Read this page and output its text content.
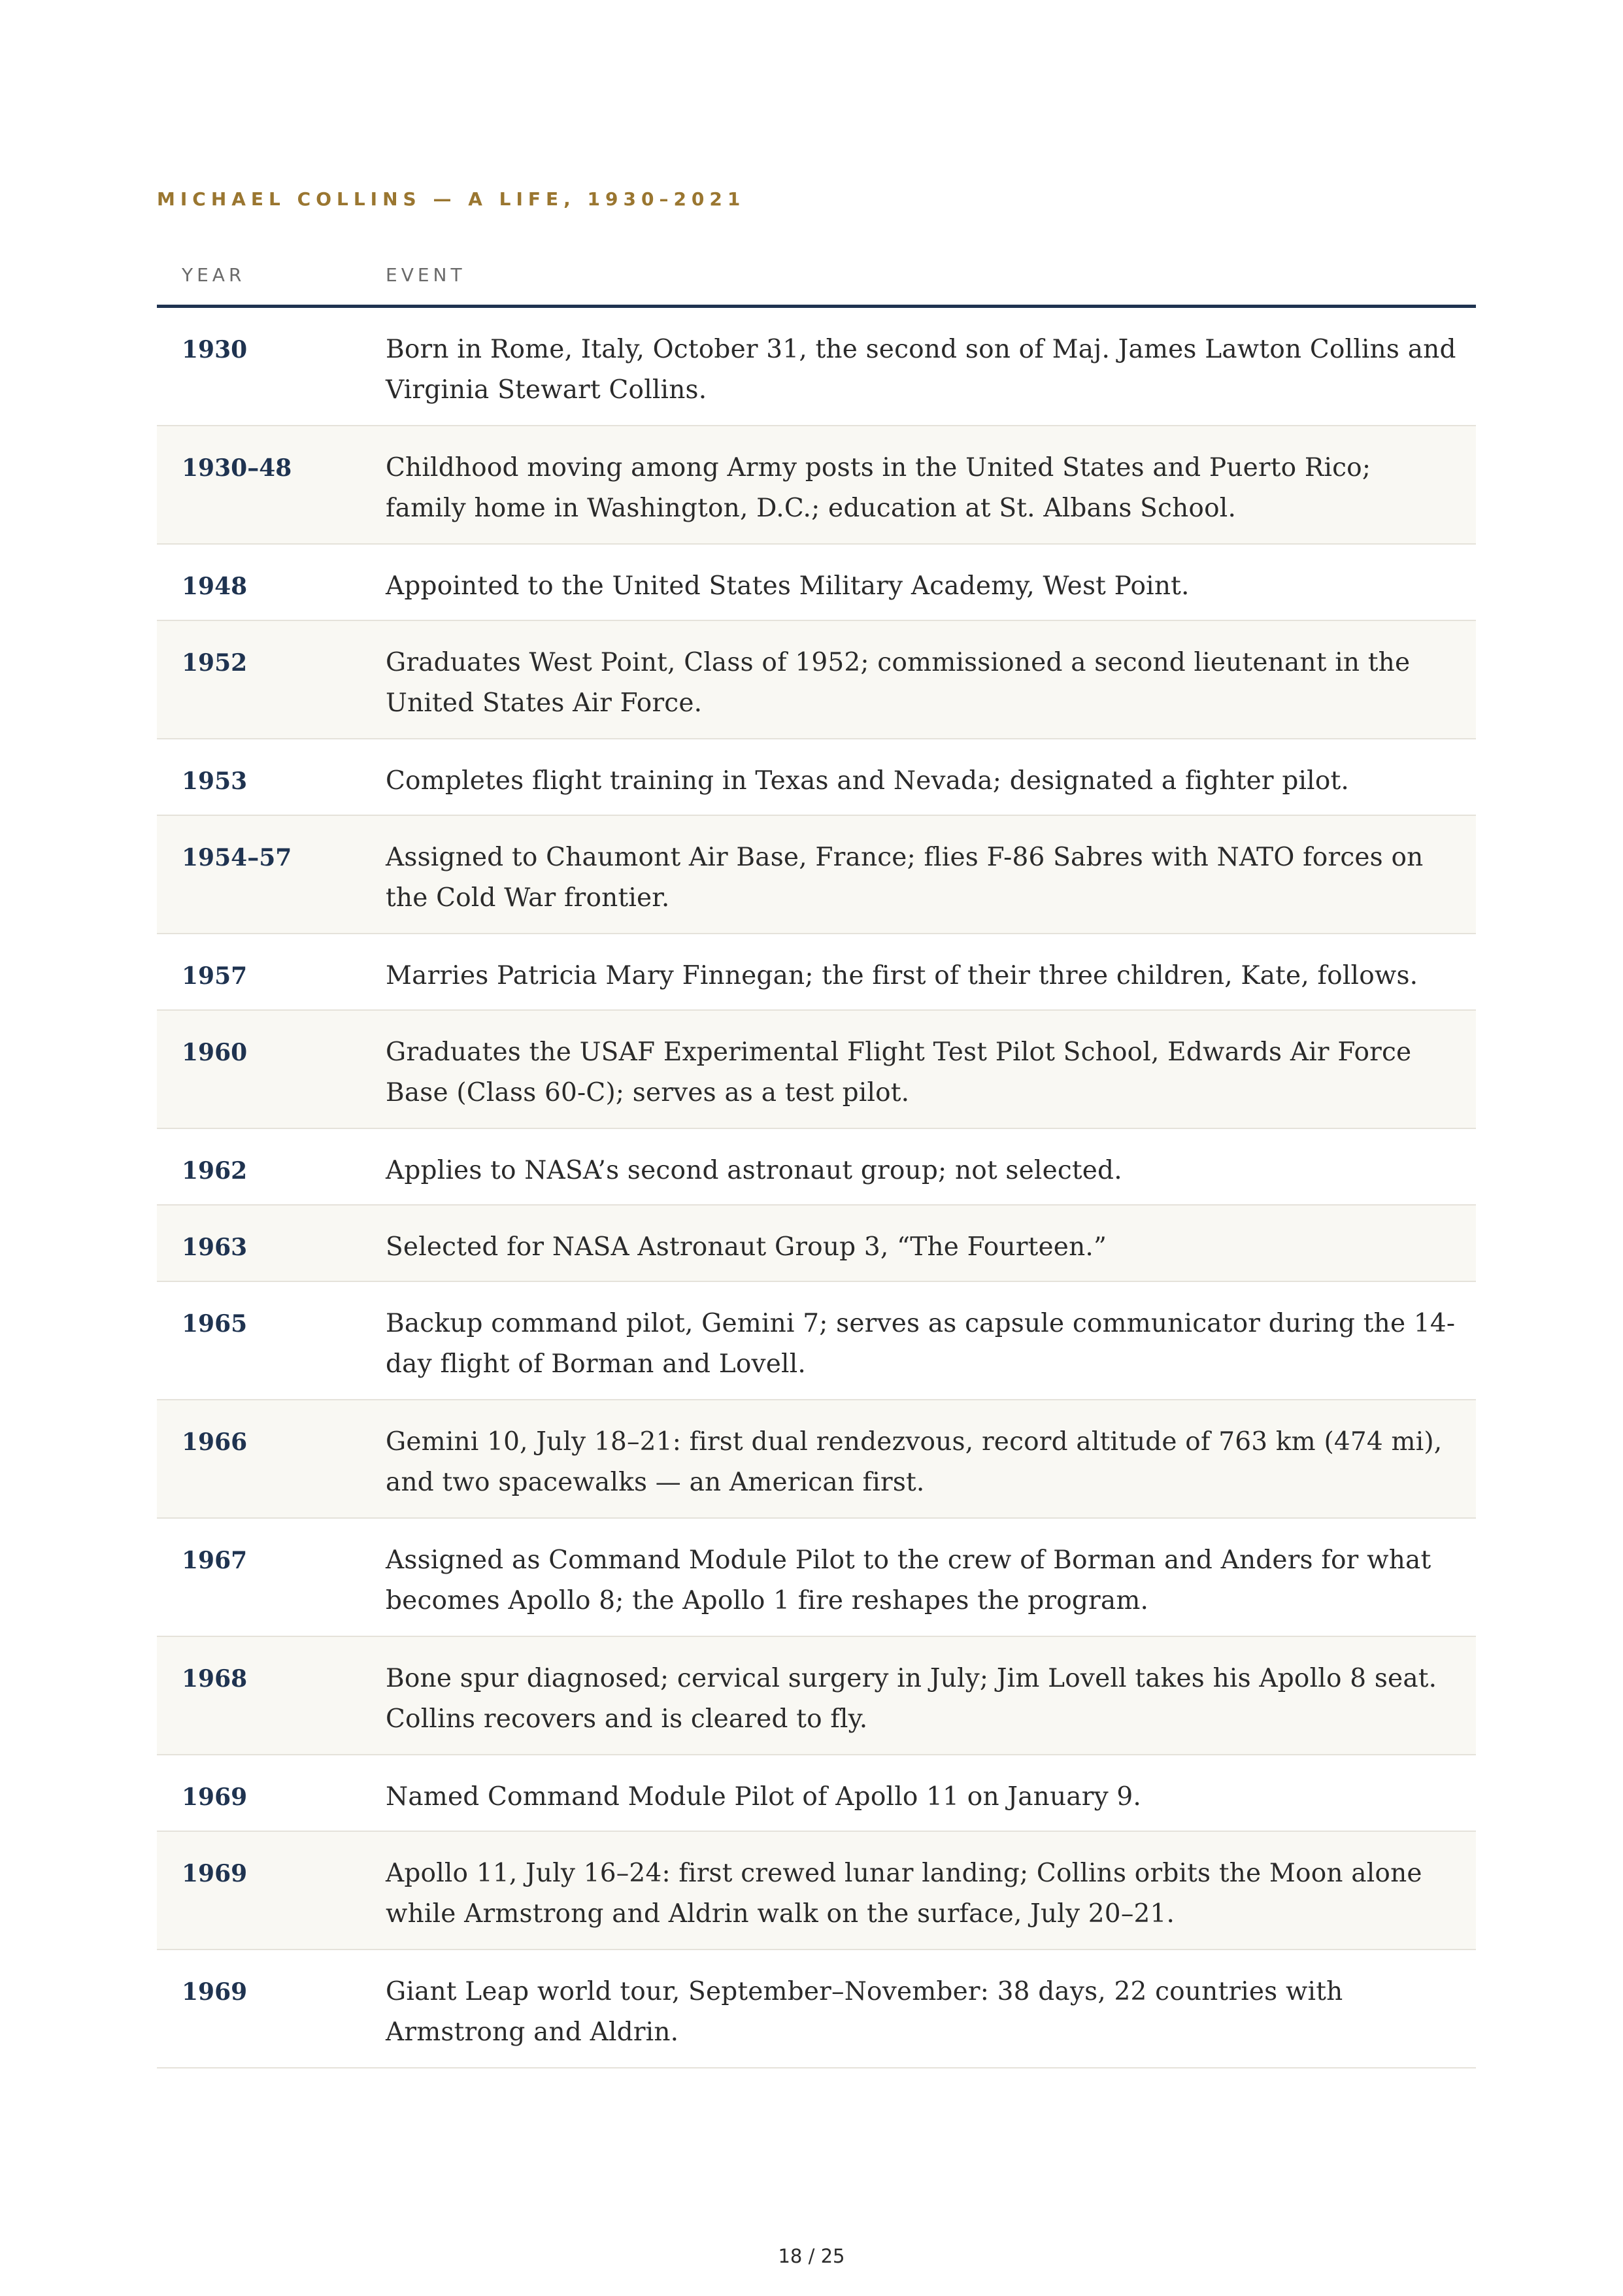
MICHAEL COLLINS — A LIFE, 1930–2021
YEAR	EVENT
1930	Born in Rome, Italy, October 31, the second son of Maj. James Lawton Collins and Virginia Stewart Collins.
1930–48	Childhood moving among Army posts in the United States and Puerto Rico; family home in Washington, D.C.; education at St. Albans School.
1948	Appointed to the United States Military Academy, West Point.
1952	Graduates West Point, Class of 1952; commissioned a second lieutenant in the United States Air Force.
1953	Completes flight training in Texas and Nevada; designated a fighter pilot.
1954–57	Assigned to Chaumont Air Base, France; flies F-86 Sabres with NATO forces on the Cold War frontier.
1957	Marries Patricia Mary Finnegan; the first of their three children, Kate, follows.
1960	Graduates the USAF Experimental Flight Test Pilot School, Edwards Air Force Base (Class 60-C); serves as a test pilot.
1962	Applies to NASA’s second astronaut group; not selected.
1963	Selected for NASA Astronaut Group 3, “The Fourteen.”
1965	Backup command pilot, Gemini 7; serves as capsule communicator during the 14-day flight of Borman and Lovell.
1966	Gemini 10, July 18–21: first dual rendezvous, record altitude of 763 km (474 mi), and two spacewalks — an American first.
1967	Assigned as Command Module Pilot to the crew of Borman and Anders for what becomes Apollo 8; the Apollo 1 fire reshapes the program.
1968	Bone spur diagnosed; cervical surgery in July; Jim Lovell takes his Apollo 8 seat. Collins recovers and is cleared to fly.
1969	Named Command Module Pilot of Apollo 11 on January 9.
1969	Apollo 11, July 16–24: first crewed lunar landing; Collins orbits the Moon alone while Armstrong and Aldrin walk on the surface, July 20–21.
1969	Giant Leap world tour, September–November: 38 days, 22 countries with Armstrong and Aldrin.
18 / 25
